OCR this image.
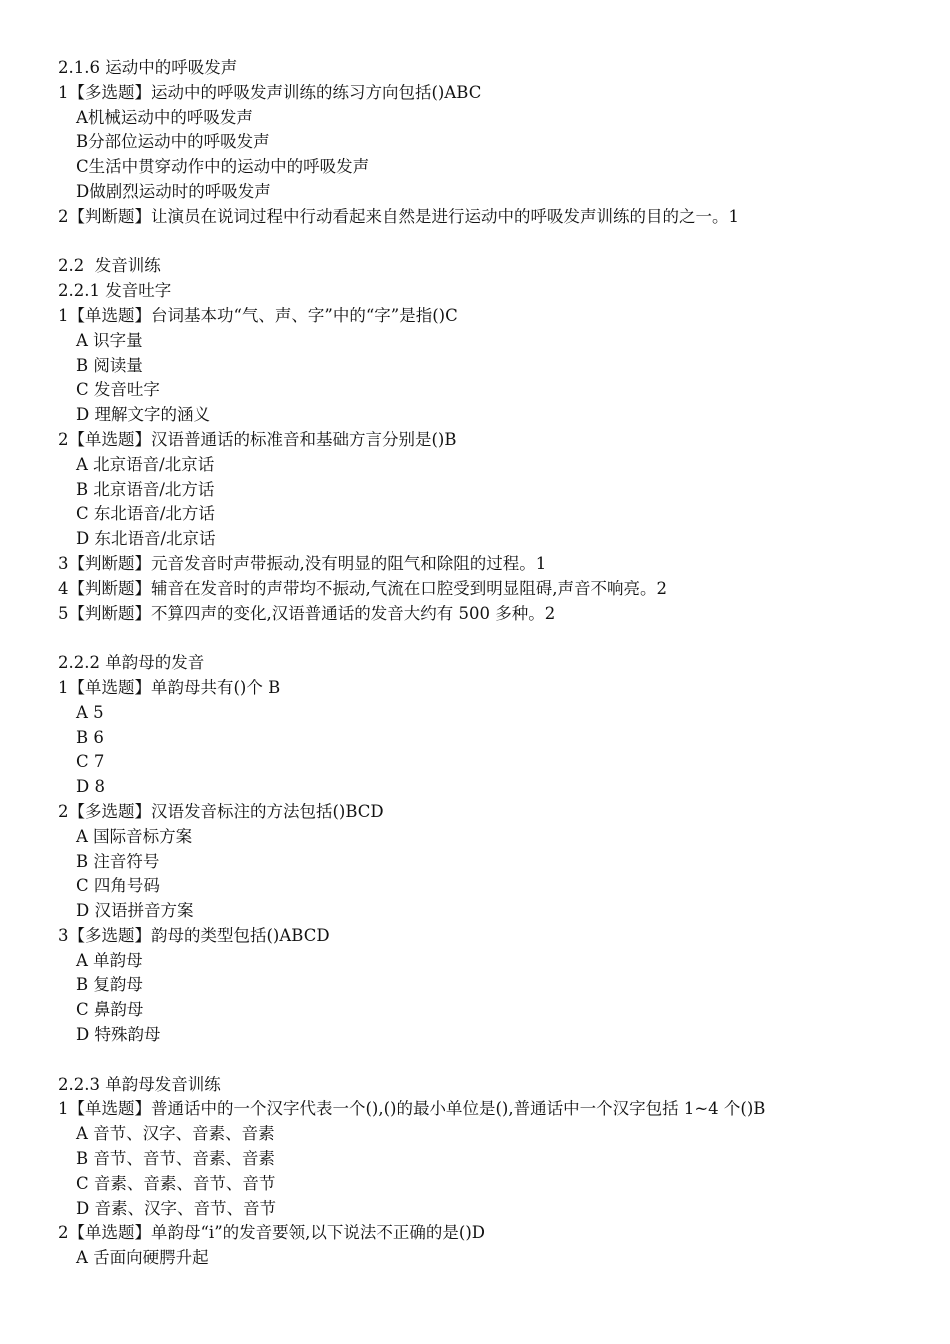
2.1.6 运动中的呼吸发声
1【多选题】运动中的呼吸发声训练的练习方向包括()ABC
A机械运动中的呼吸发声
B分部位运动中的呼吸发声
C生活中贯穿动作中的运动中的呼吸发声
D做剧烈运动时的呼吸发声
2【判断题】让演员在说词过程中行动看起来自然是进行运动中的呼吸发声训练的目的之一。1
2.2  发音训练
2.2.1 发音吐字
1【单选题】台词基本功“气、声、字”中的“字”是指()C
A 识字量
B 阅读量
C 发音吐字
D 理解文字的涵义
2【单选题】汉语普通话的标准音和基础方言分别是()B
A 北京语音/北京话
B 北京语音/北方话
C 东北语音/北方话
D 东北语音/北京话
3【判断题】元音发音时声带振动,没有明显的阻气和除阻的过程。1
4【判断题】辅音在发音时的声带均不振动,气流在口腔受到明显阻碍,声音不响亮。2
5【判断题】不算四声的变化,汉语普通话的发音大约有 500 多种。2
2.2.2 单韵母的发音
1【单选题】单韵母共有()个 B
A 5
B 6
C 7
D 8
2【多选题】汉语发音标注的方法包括()BCD
A 国际音标方案
B 注音符号
C 四角号码
D 汉语拼音方案
3【多选题】韵母的类型包括()ABCD
A 单韵母
B 复韵母
C 鼻韵母
D 特殊韵母
2.2.3 单韵母发音训练
1【单选题】普通话中的一个汉字代表一个(),()的最小单位是(),普通话中一个汉字包括 1~4 个()B
A 音节、汉字、音素、音素
B 音节、音节、音素、音素
C 音素、音素、音节、音节
D 音素、汉字、音节、音节
2【单选题】单韵母“i”的发音要领,以下说法不正确的是()D
A 舌面向硬腭升起
